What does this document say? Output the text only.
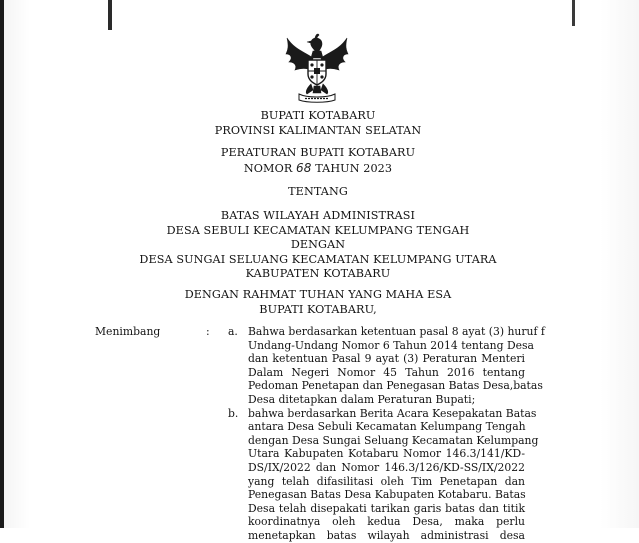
BUPATI KOTABARU
PROVINSI KALIMANTAN SELATAN
PERATURAN BUPATI KOTABARU
NOMOR 68 TAHUN 2023
TENTANG
BATAS WILAYAH ADMINISTRASI
DESA SEBULI KECAMATAN KELUMPANG TENGAH
DENGAN
DESA SUNGAI SELUANG KECAMATAN KELUMPANG UTARA
KABUPATEN KOTABARU
DENGAN RAHMAT TUHAN YANG MAHA ESA
BUPATI KOTABARU,
Menimbang	: a. Bahwa berdasarkan ketentuan pasal 8 ayat (3) huruf f
Undang-Undang Nomor 6 Tahun 2014 tentang Desa
dan ketentuan Pasal 9 ayat (3) Peraturan Menteri
Dalam Negeri Nomor 45 Tahun 2016 tentang
Pedoman Penetapan dan Penegasan Batas Desa,batas
Desa ditetapkan dalam Peraturan Bupati;
b. bahwa berdasarkan Berita Acara Kesepakatan Batas
antara Desa Sebuli Kecamatan Kelumpang Tengah
dengan Desa Sungai Seluang Kecamatan Kelumpang
Utara Kabupaten Kotabaru Nomor 146.3/141/KD-
DS/IX/2022 dan Nomor 146.3/126/KD-SS/IX/2022
yang telah difasilitasi oleh Tim Penetapan dan
Penegasan Batas Desa Kabupaten Kotabaru. Batas
Desa telah disepakati tarikan garis batas dan titik
koordinatnya oleh kedua Desa, maka perlu
menetapkan batas wilayah administrasi desa
